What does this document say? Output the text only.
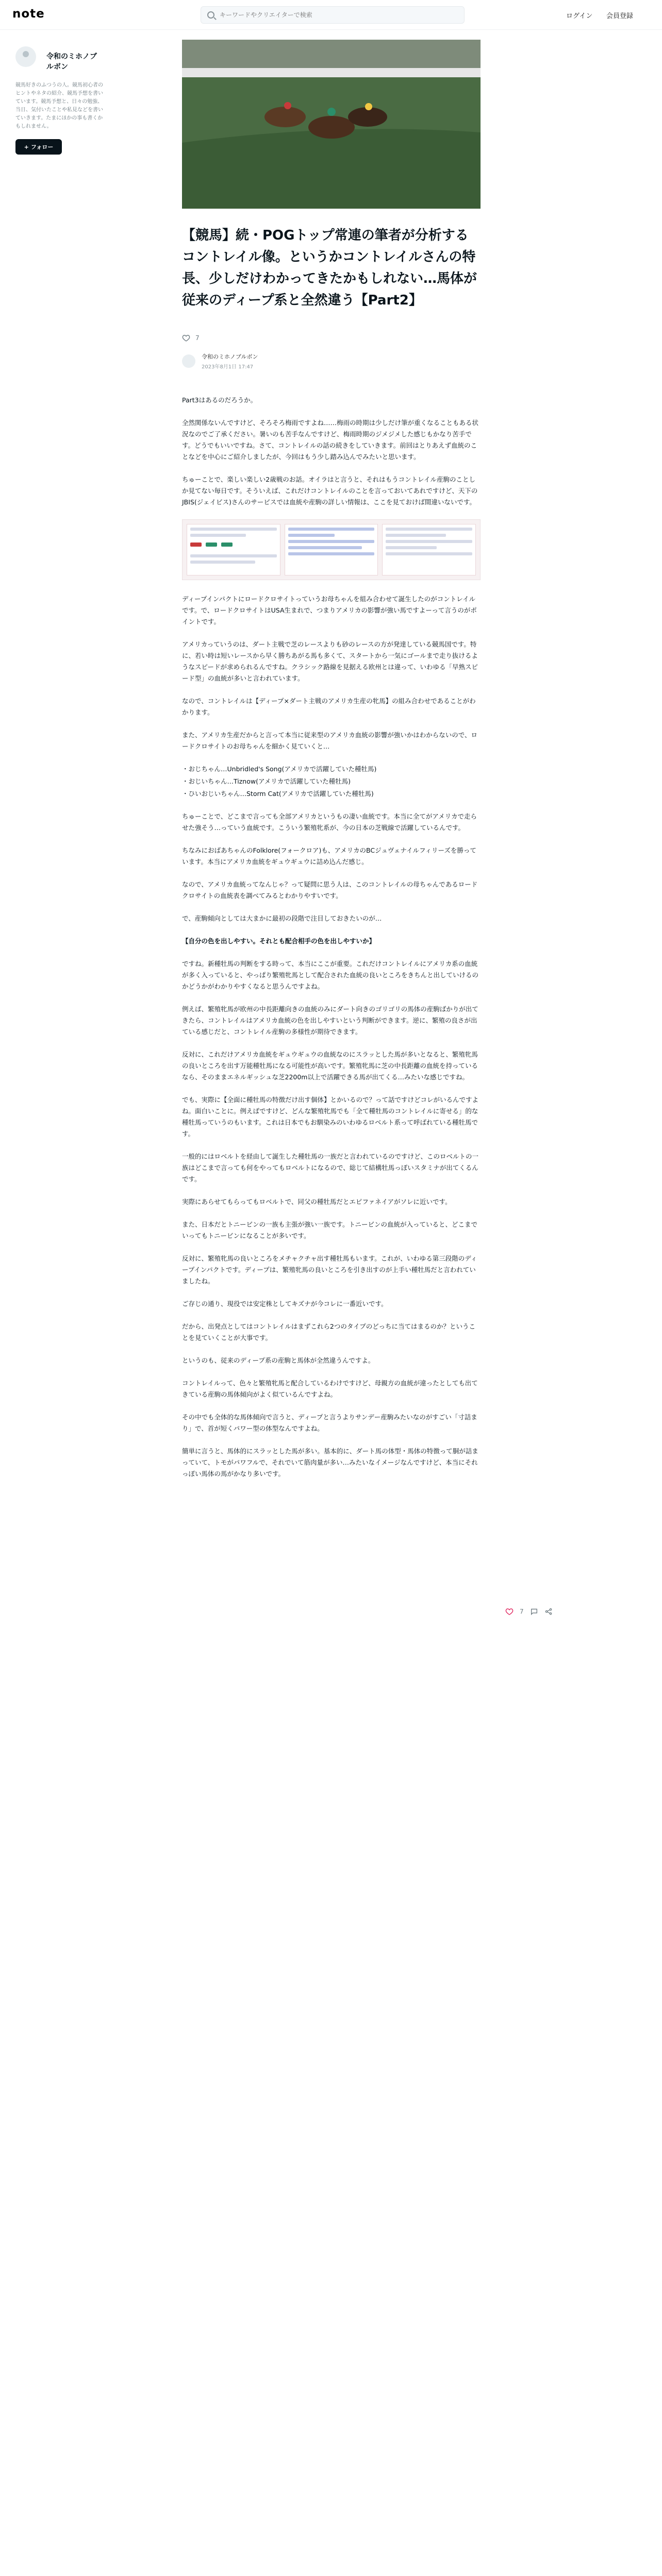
note
キーワードやクリエイターで検索	ログイン 会員登録
令和のミホノブルボン
競馬好きのふつうの人。競馬初心者のヒントやネタの紹介、競馬予想を書いています。競馬予想と、日々の勉強、当日、気付いたことや私見などを書いていきます。たまにほかの事も書くかもしれません。
+ フォロー
【競馬】続・POGトップ常連の筆者が分析するコントレイル像。というかコントレイルさんの特長、少しだけわかってきたかもしれない…馬体が従来のディープ系と全然違う【Part2】
7
令和のミホノブルボン
2023年8月1日 17:47

Part3はあるのだろうか。

全然関係ないんですけど、そろそろ梅雨ですよね……梅雨の時期は少しだけ筆が重くなることもある状況なのでご了承ください。暑いのも苦手なんですけど、梅雨時期のジメジメした感じもかなり苦手です。どうでもいいですね。さて、コントレイルの話の続きをしていきます。前回はとりあえず血統のことなどを中心にご紹介しましたが、今回はもう少し踏み込んでみたいと思います。

ちゅーことで、楽しい楽しい2歳戦のお話。オイラはと言うと、それはもうコントレイル産駒のことしか見てない毎日です。そういえば、これだけコントレイルのことを言っておいてあれですけど、天下のJBIS(ジェイビス)さんのサービスでは血統や産駒の詳しい情報は、ここを見ておけば間違いないです。

ディープインパクトにロードクロサイトっていうお母ちゃんを組み合わせて誕生したのがコントレイルです。で、ロードクロサイトはUSA生まれで、つまりアメリカの影響が強い馬ですよーって言うのがポイントです。

アメリカっていうのは、ダート主戦で芝のレースよりも砂のレースの方が発達している競馬国です。特に、若い時は短いレースから早く勝ちあがる馬も多くて、スタートから一気にゴールまで走り抜けるようなスピードが求められるんですね。クラシック路線を見据える欧州とは違って、いわゆる「早熟スピード型」の血統が多いと言われています。

なので、コントレイルは【ディープ×ダート主戦のアメリカ生産の牝馬】の組み合わせであることがわかります。

また、アメリカ生産だからと言って本当に従来型のアメリカ血統の影響が強いかはわからないので、ロードクロサイトのお母ちゃんを細かく見ていくと…

・おじちゃん…Unbridled's Song(アメリカで活躍していた種牡馬)

・おじいちゃん…Tiznow(アメリカで活躍していた種牡馬)

・ひいおじいちゃん…Storm Cat(アメリカで活躍していた種牡馬)

ちゅーことで、どこまで言っても全部アメリカというもの凄い血統です。本当に全てがアメリカで走らせた強そう…っていう血統です。こういう繁殖牝系が、今の日本の芝戦線で活躍しているんです。

ちなみにおばあちゃんのFolklore(フォークロア)も、アメリカのBCジュヴェナイルフィリーズを勝っています。本当にアメリカ血統をギュウギュウに詰め込んだ感じ。

なので、アメリカ血統ってなんじゃ？って疑問に思う人は、このコントレイルの母ちゃんであるロードクロサイトの血統表を調べてみるとわかりやすいです。

で、産駒傾向としては大まかに最初の段階で注目しておきたいのが…

【自分の色を出しやすい。それとも配合相手の色を出しやすいか】

ですね。新種牡馬の判断をする時って、本当にここが重要。これだけコントレイルにアメリカ系の血統が多く入っていると、やっぱり繁殖牝馬として配合された血統の良いところをきちんと出していけるのかどうかがわかりやすくなると思うんですよね。

例えば、繁殖牝馬が欧州の中長距離向きの血統のみにダート向きのゴリゴリの馬体の産駒ばかりが出てきたら、コントレイルはアメリカ血統の色を出しやすいという判断ができます。逆に、繁殖の良さが出ている感じだと、コントレイル産駒の多様性が期待できます。

反対に、これだけアメリカ血統をギュウギュウの血統なのにスラッとした馬が多いとなると、繁殖牝馬の良いところを出す万能種牡馬になる可能性が高いです。繁殖牝馬に芝の中長距離の血統を持っているなら、そのままエネルギッシュな芝2200m以上で活躍できる馬が出てくる…みたいな感じですね。

でも、実際に【全面に種牡馬の特徴だけ出す個体】とかいるので？って話ですけどコレがいるんですよね。面白いことに。例えばですけど、どんな繁殖牝馬でも「全て種牡馬のコントレイルに寄せる」的な種牡馬っていうのもいます。これは日本でもお馴染みのいわゆるロベルト系って呼ばれている種牡馬です。

一般的にはロベルトを経由して誕生した種牡馬の一族だと言われているのですけど、このロベルトの一族はどこまで言っても何をやってもロベルトになるので、総じて結構牡馬っぽいスタミナが出てくるんです。

実際にあらせてもらってもロベルトで、同父の種牡馬だとエピファネイアがソレに近いです。

また、日本だとトニービンの一族も主張が強い一族です。トニービンの血統が入っていると、どこまでいってもトニービンになることが多いです。

反対に、繁殖牝馬の良いところをメチャクチャ出す種牡馬もいます。これが、いわゆる第三段階のディープインパクトです。ディープは、繁殖牝馬の良いところを引き出すのが上手い種牡馬だと言われていましたね。

ご存じの通り、現役では安定株としてキズナが今コレに一番近いです。

だから、出発点としてはコントレイルはまずこれら2つのタイプのどっちに当てはまるのか？ということを見ていくことが大事です。

というのも、従来のディープ系の産駒と馬体が全然違うんですよ。

コントレイルって、色々と繁殖牝馬と配合しているわけですけど、母親方の血統が違ったとしても出てきている産駒の馬体傾向がよく似ているんですよね。

その中でも全体的な馬体傾向で言うと、ディープと言うよりサンデー産駒みたいなのがすごい「寸詰まり」で、首が短くパワー型の体型なんですよね。

簡単に言うと、馬体的にスラッとした馬が多い。基本的に、ダート馬の体型・馬体の特徴って胴が詰まっていて、トモがパワフルで、それでいて筋肉量が多い…みたいなイメージなんですけど、本当にそれっぽい馬体の馬がかなり多いです。

7
